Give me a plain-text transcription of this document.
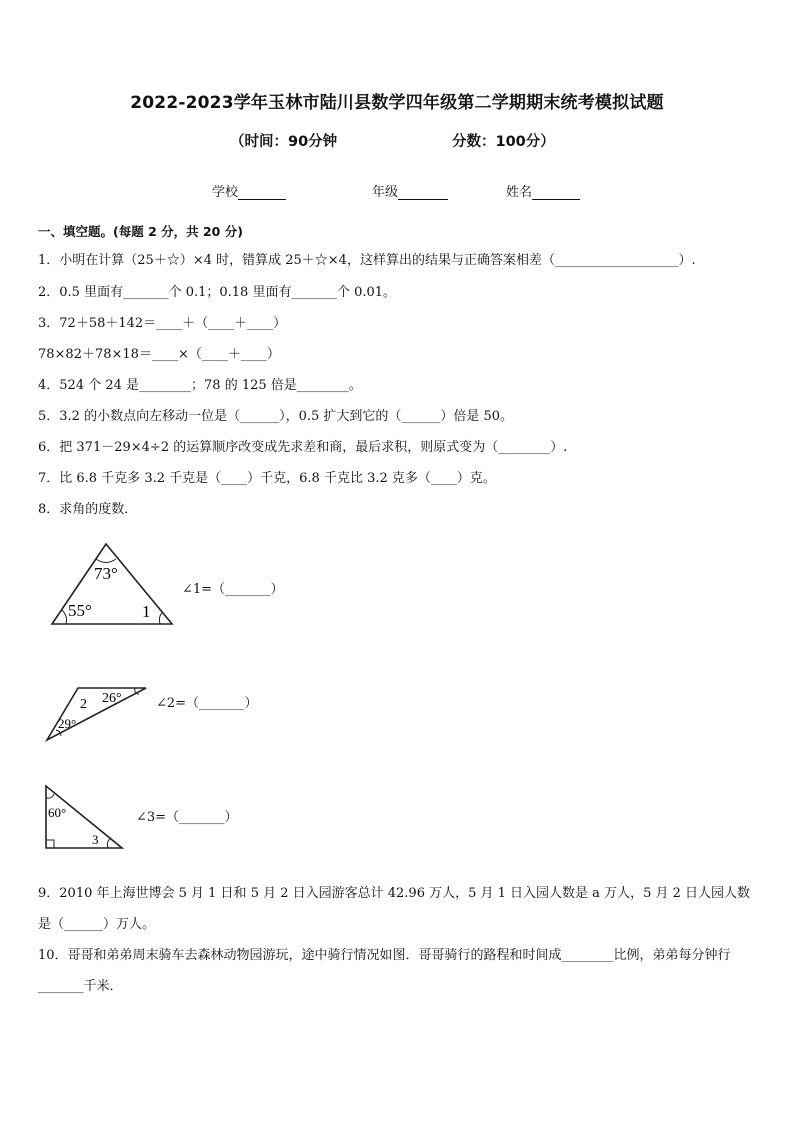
2022-2023学年玉林市陆川县数学四年级第二学期期末统考模拟试题
（时间：90分钟	分数：100分）
学校	年级	姓名
一、填空题。(每题 2 分，共 20 分)
1．小明在计算（25＋☆）×4 时，错算成 25＋☆×4，这样算出的结果与正确答案相差（___________________）.
2．0.5 里面有_______个 0.1；0.18 里面有_______个 0.01。
3．72＋58＋142＝____＋（____＋____）
78×82＋78×18＝____×（____＋____）
4．524 个 24 是________；78 的 125 倍是________。
5．3.2 的小数点向左移动一位是（______），0.5 扩大到它的（______）倍是 50。
6．把 371－29×4÷2 的运算顺序改变成先求差和商，最后求积，则原式变为（________）.
7．比 6.8 千克多 3.2 千克是（____）千克，6.8 千克比 3.2 克多（____）克。
8．求角的度数．
73°
55°	1
∠1=（_______）
2 26°
29°
∠2=（_______）
60°
3
∠3=（_______）
9．2010 年上海世博会 5 月 1 日和 5 月 2 日入园游客总计 42.96 万人，5 月 1 日入园人数是 a 万人，5 月 2 日人园人数是（______）万人。
10．哥哥和弟弟周末骑车去森林动物园游玩，途中骑行情况如图．哥哥骑行的路程和时间成________比例，弟弟每分钟行_______千米．
